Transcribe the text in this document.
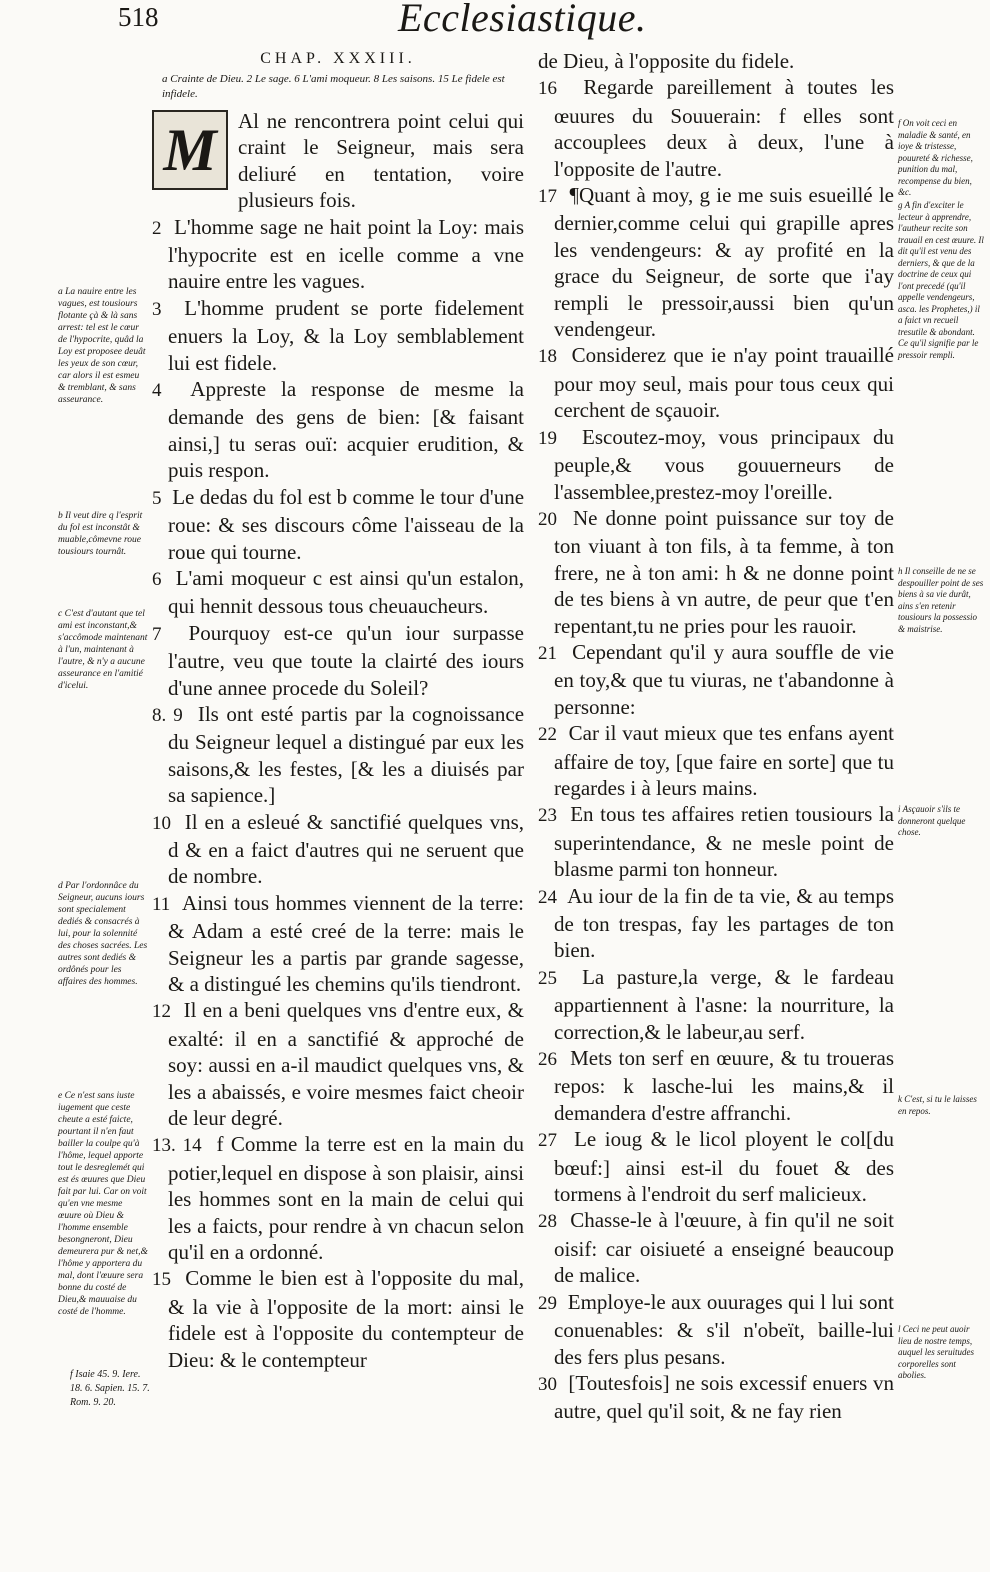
518	Ecclesiastique.
CHAP. XXXIII.
a Crainte de Dieu. 2 Le sage. 6 L'ami moqueur. 8 Les saisons. 15 Le fidele est infidele.
M	Al ne rencontrera point celui qui craint le Seigneur, mais sera deliuré en tentation, voire plusieurs fois.

2 L'homme sage ne hait point la Loy: mais l'hypocrite est en icelle comme a vne nauire entre les vagues.

3 L'homme prudent se porte fidelement enuers la Loy, & la Loy semblablement lui est fidele.

4 Appreste la response de mesme la demande des gens de bien: [& faisant ainsi,] tu seras ouï: acquier erudition, & puis respon.

5 Le dedas du fol est b comme le tour d'une roue: & ses discours côme l'aisseau de la roue qui tourne.

6 L'ami moqueur c est ainsi qu'un estalon, qui hennit dessous tous cheuaucheurs.

7 Pourquoy est-ce qu'un iour surpasse l'autre, veu que toute la clairté des iours d'une annee procede du Soleil?

8. 9 Ils ont esté partis par la cognoissance du Seigneur lequel a distingué par eux les saisons,& les festes, [& les a diuisés par sa sapience.]

10 Il en a esleué & sanctifié quelques vns, d & en a faict d'autres qui ne seruent que de nombre.

11 Ainsi tous hommes viennent de la terre: & Adam a esté creé de la terre: mais le Seigneur les a partis par grande sagesse, & a distingué les chemins qu'ils tiendront.

12 Il en a beni quelques vns d'entre eux, & exalté: il en a sanctifié & approché de soy: aussi en a-il maudict quelques vns, & les a abaissés, e voire mesmes faict cheoir de leur degré.

13. 14 f Comme la terre est en la main du potier,lequel en dispose à son plaisir, ainsi les hommes sont en la main de celui qui les a faicts, pour rendre à vn chacun selon qu'il en a ordonné.

15 Comme le bien est à l'opposite du mal, & la vie à l'opposite de la mort: ainsi le fidele est à l'opposite du contempteur de Dieu: & le contempteur

de Dieu, à l'opposite du fidele.

16 Regarde pareillement à toutes les œuures du Souuerain: f elles sont accouplees deux à deux, l'une à l'opposite de l'autre.

17 ¶Quant à moy, g ie me suis esueillé le dernier,comme celui qui grapille apres les vendengeurs: & ay profité en la grace du Seigneur, de sorte que i'ay rempli le pressoir,aussi bien qu'un vendengeur.

18 Considerez que ie n'ay point trauaillé pour moy seul, mais pour tous ceux qui cerchent de sçauoir.

19 Escoutez-moy, vous principaux du peuple,& vous gouuerneurs de l'assemblee,prestez-moy l'oreille.

20 Ne donne point puissance sur toy de ton viuant à ton fils, à ta femme, à ton frere, ne à ton ami: h & ne donne point de tes biens à vn autre, de peur que t'en repentant,tu ne pries pour les rauoir.

21 Cependant qu'il y aura souffle de vie en toy,& que tu viuras, ne t'abandonne à personne:

22 Car il vaut mieux que tes enfans ayent affaire de toy, [que faire en sorte] que tu regardes i à leurs mains.

23 En tous tes affaires retien tousiours la superintendance, & ne mesle point de blasme parmi ton honneur.

24 Au iour de la fin de ta vie, & au temps de ton trespas, fay les partages de ton bien.

25 La pasture,la verge, & le fardeau appartiennent à l'asne: la nourriture, la correction,& le labeur,au serf.

26 Mets ton serf en œuure, & tu troueras repos: k lasche-lui les mains,& il demandera d'estre affranchi.

27 Le ioug & le licol ployent le col[du bœuf:] ainsi est-il du fouet & des tormens à l'endroit du serf malicieux.

28 Chasse-le à l'œuure, à fin qu'il ne soit oisif: car oisiueté a enseigné beaucoup de malice.

29 Employe-le aux ouurages qui l lui sont conuenables: & s'il n'obeït, baille-lui des fers plus pesans.

30 [Toutesfois] ne sois excessif enuers vn autre, quel qu'il soit, & ne fay rien

a La nauire entre les vagues, est tousiours flotante çà & là sans arrest: tel est le cœur de l'hypocrite, quâd la Loy est proposee deuât les yeux de son cœur, car alors il est esmeu & tremblant, & sans asseurance.
b Il veut dire q l'esprit du fol est inconstât & muable,cômevne roue tousiours tournât.
c C'est d'autant que tel ami est inconstant,& s'accômode maintenant à l'un, maintenant à l'autre, & n'y a aucune asseurance en l'amitié d'icelui.
d Par l'ordonnâce du Seigneur, aucuns iours sont specialement dediés & consacrés à lui, pour la solennité des choses sacrées. Les autres sont dediés & ordônés pour les affaires des hommes.
e Ce n'est sans iuste iugement que ceste cheute a esté faicte, pourtant il n'en faut bailler la coulpe qu'à l'hôme, lequel apporte tout le desreglemét qui est és œuures que Dieu fait par lui. Car on voit qu'en vne mesme œuure où Dieu & l'homme ensemble besongneront, Dieu demeurera pur & net,& l'hôme y apportera du mal, dont l'œuure sera bonne du costé de Dieu,& mauuaise du costé de l'homme.
f Isaie 45. 9. Iere. 18. 6. Sapien. 15. 7. Rom. 9. 20.
f On voit ceci en maladie & santé, en ioye & tristesse, pouureté & richesse, punition du mal, recompense du bien, &c.
g A fin d'exciter le lecteur à apprendre, l'autheur recite son trauail en cest œuure. Il dit qu'il est venu des derniers, & que de la doctrine de ceux qui l'ont precedé (qu'il appelle vendengeurs, asca. les Prophetes,) il a faict vn recueil tresutile & abondant. Ce qu'il signifie par le pressoir rempli.
h Il conseille de ne se despouiller point de ses biens à sa vie durât, ains s'en retenir tousiours la possessio & maistrise.
i Asçauoir s'ils te donneront quelque chose.
k C'est, si tu le laisses en repos.
l Ceci ne peut auoir lieu de nostre temps, auquel les seruitudes corporelles sont abolies.
